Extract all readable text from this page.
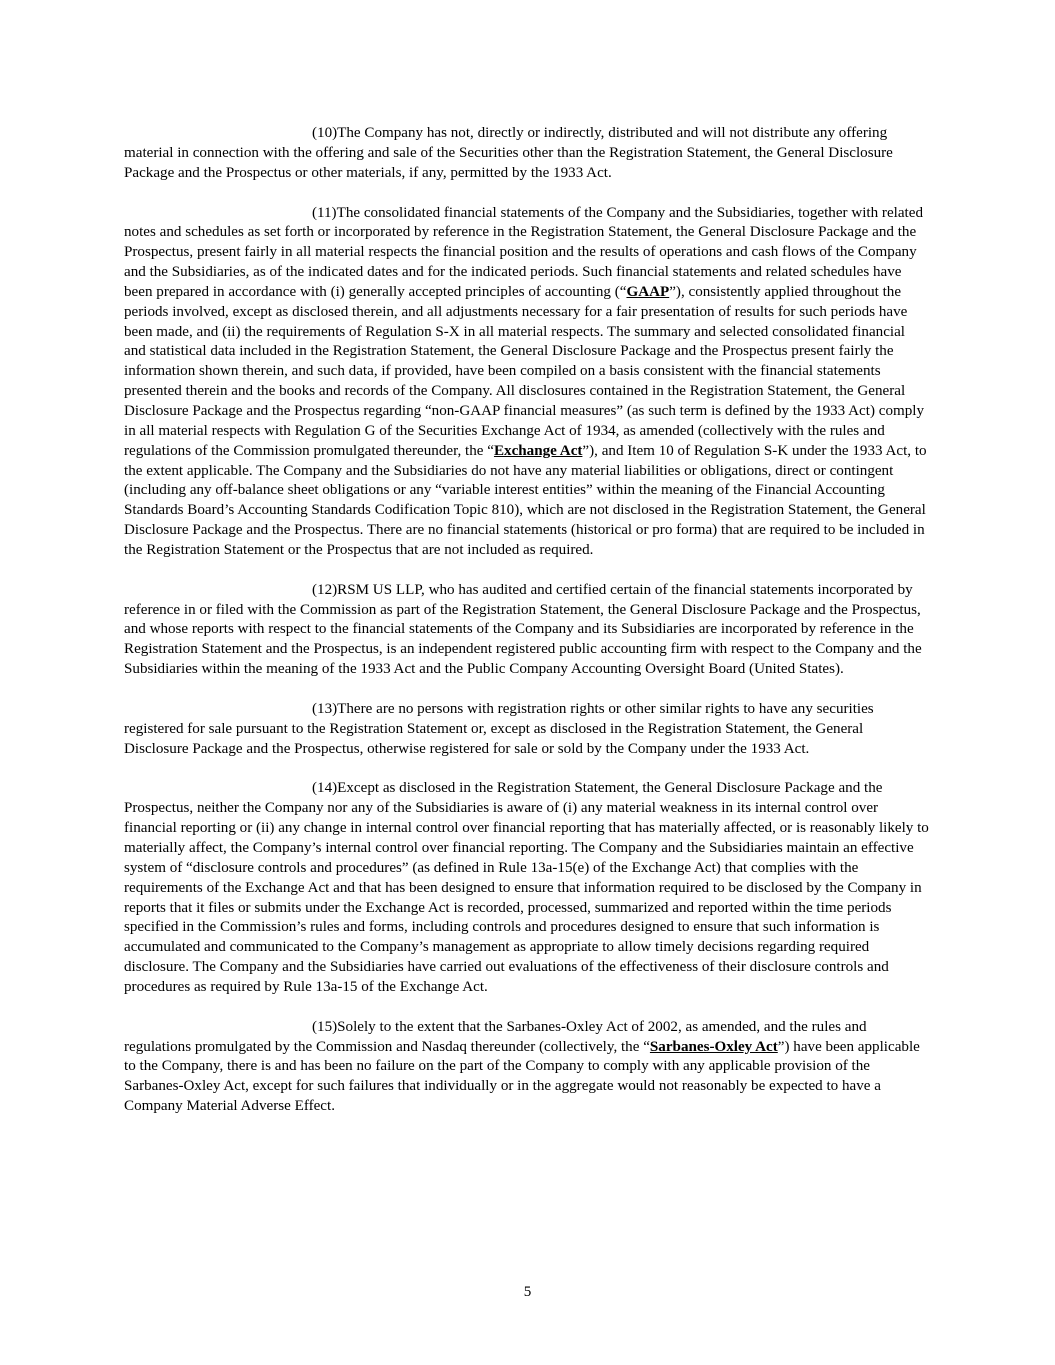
(10)The Company has not, directly or indirectly, distributed and will not distribute any offering material in connection with the offering and sale of the Securities other than the Registration Statement, the General Disclosure Package and the Prospectus or other materials, if any, permitted by the 1933 Act.

(11)The consolidated financial statements of the Company and the Subsidiaries, together with related notes and schedules as set forth or incorporated by reference in the Registration Statement, the General Disclosure Package and the Prospectus, present fairly in all material respects the financial position and the results of operations and cash flows of the Company and the Subsidiaries, as of the indicated dates and for the indicated periods. Such financial statements and related schedules have been prepared in accordance with (i) generally accepted principles of accounting (“GAAP”), consistently applied throughout the periods involved, except as disclosed therein, and all adjustments necessary for a fair presentation of results for such periods have been made, and (ii) the requirements of Regulation S-X in all material respects. The summary and selected consolidated financial and statistical data included in the Registration Statement, the General Disclosure Package and the Prospectus present fairly the information shown therein, and such data, if provided, have been compiled on a basis consistent with the financial statements presented therein and the books and records of the Company. All disclosures contained in the Registration Statement, the General Disclosure Package and the Prospectus regarding “non-GAAP financial measures” (as such term is defined by the 1933 Act) comply in all material respects with Regulation G of the Securities Exchange Act of 1934, as amended (collectively with the rules and regulations of the Commission promulgated thereunder, the “Exchange Act”), and Item 10 of Regulation S-K under the 1933 Act, to the extent applicable. The Company and the Subsidiaries do not have any material liabilities or obligations, direct or contingent (including any off-balance sheet obligations or any “variable interest entities” within the meaning of the Financial Accounting Standards Board’s Accounting Standards Codification Topic 810), which are not disclosed in the Registration Statement, the General Disclosure Package and the Prospectus. There are no financial statements (historical or pro forma) that are required to be included in the Registration Statement or the Prospectus that are not included as required.

(12)RSM US LLP, who has audited and certified certain of the financial statements incorporated by reference in or filed with the Commission as part of the Registration Statement, the General Disclosure Package and the Prospectus, and whose reports with respect to the financial statements of the Company and its Subsidiaries are incorporated by reference in the Registration Statement and the Prospectus, is an independent registered public accounting firm with respect to the Company and the Subsidiaries within the meaning of the 1933 Act and the Public Company Accounting Oversight Board (United States).

(13)There are no persons with registration rights or other similar rights to have any securities registered for sale pursuant to the Registration Statement or, except as disclosed in the Registration Statement, the General Disclosure Package and the Prospectus, otherwise registered for sale or sold by the Company under the 1933 Act.

(14)Except as disclosed in the Registration Statement, the General Disclosure Package and the Prospectus, neither the Company nor any of the Subsidiaries is aware of (i) any material weakness in its internal control over financial reporting or (ii) any change in internal control over financial reporting that has materially affected, or is reasonably likely to materially affect, the Company’s internal control over financial reporting. The Company and the Subsidiaries maintain an effective system of “disclosure controls and procedures” (as defined in Rule 13a-15(e) of the Exchange Act) that complies with the requirements of the Exchange Act and that has been designed to ensure that information required to be disclosed by the Company in reports that it files or submits under the Exchange Act is recorded, processed, summarized and reported within the time periods specified in the Commission’s rules and forms, including controls and procedures designed to ensure that such information is accumulated and communicated to the Company’s management as appropriate to allow timely decisions regarding required disclosure. The Company and the Subsidiaries have carried out evaluations of the effectiveness of their disclosure controls and procedures as required by Rule 13a-15 of the Exchange Act.

(15)Solely to the extent that the Sarbanes-Oxley Act of 2002, as amended, and the rules and regulations promulgated by the Commission and Nasdaq thereunder (collectively, the “Sarbanes-Oxley Act”) have been applicable to the Company, there is and has been no failure on the part of the Company to comply with any applicable provision of the Sarbanes-Oxley Act, except for such failures that individually or in the aggregate would not reasonably be expected to have a Company Material Adverse Effect.

5
